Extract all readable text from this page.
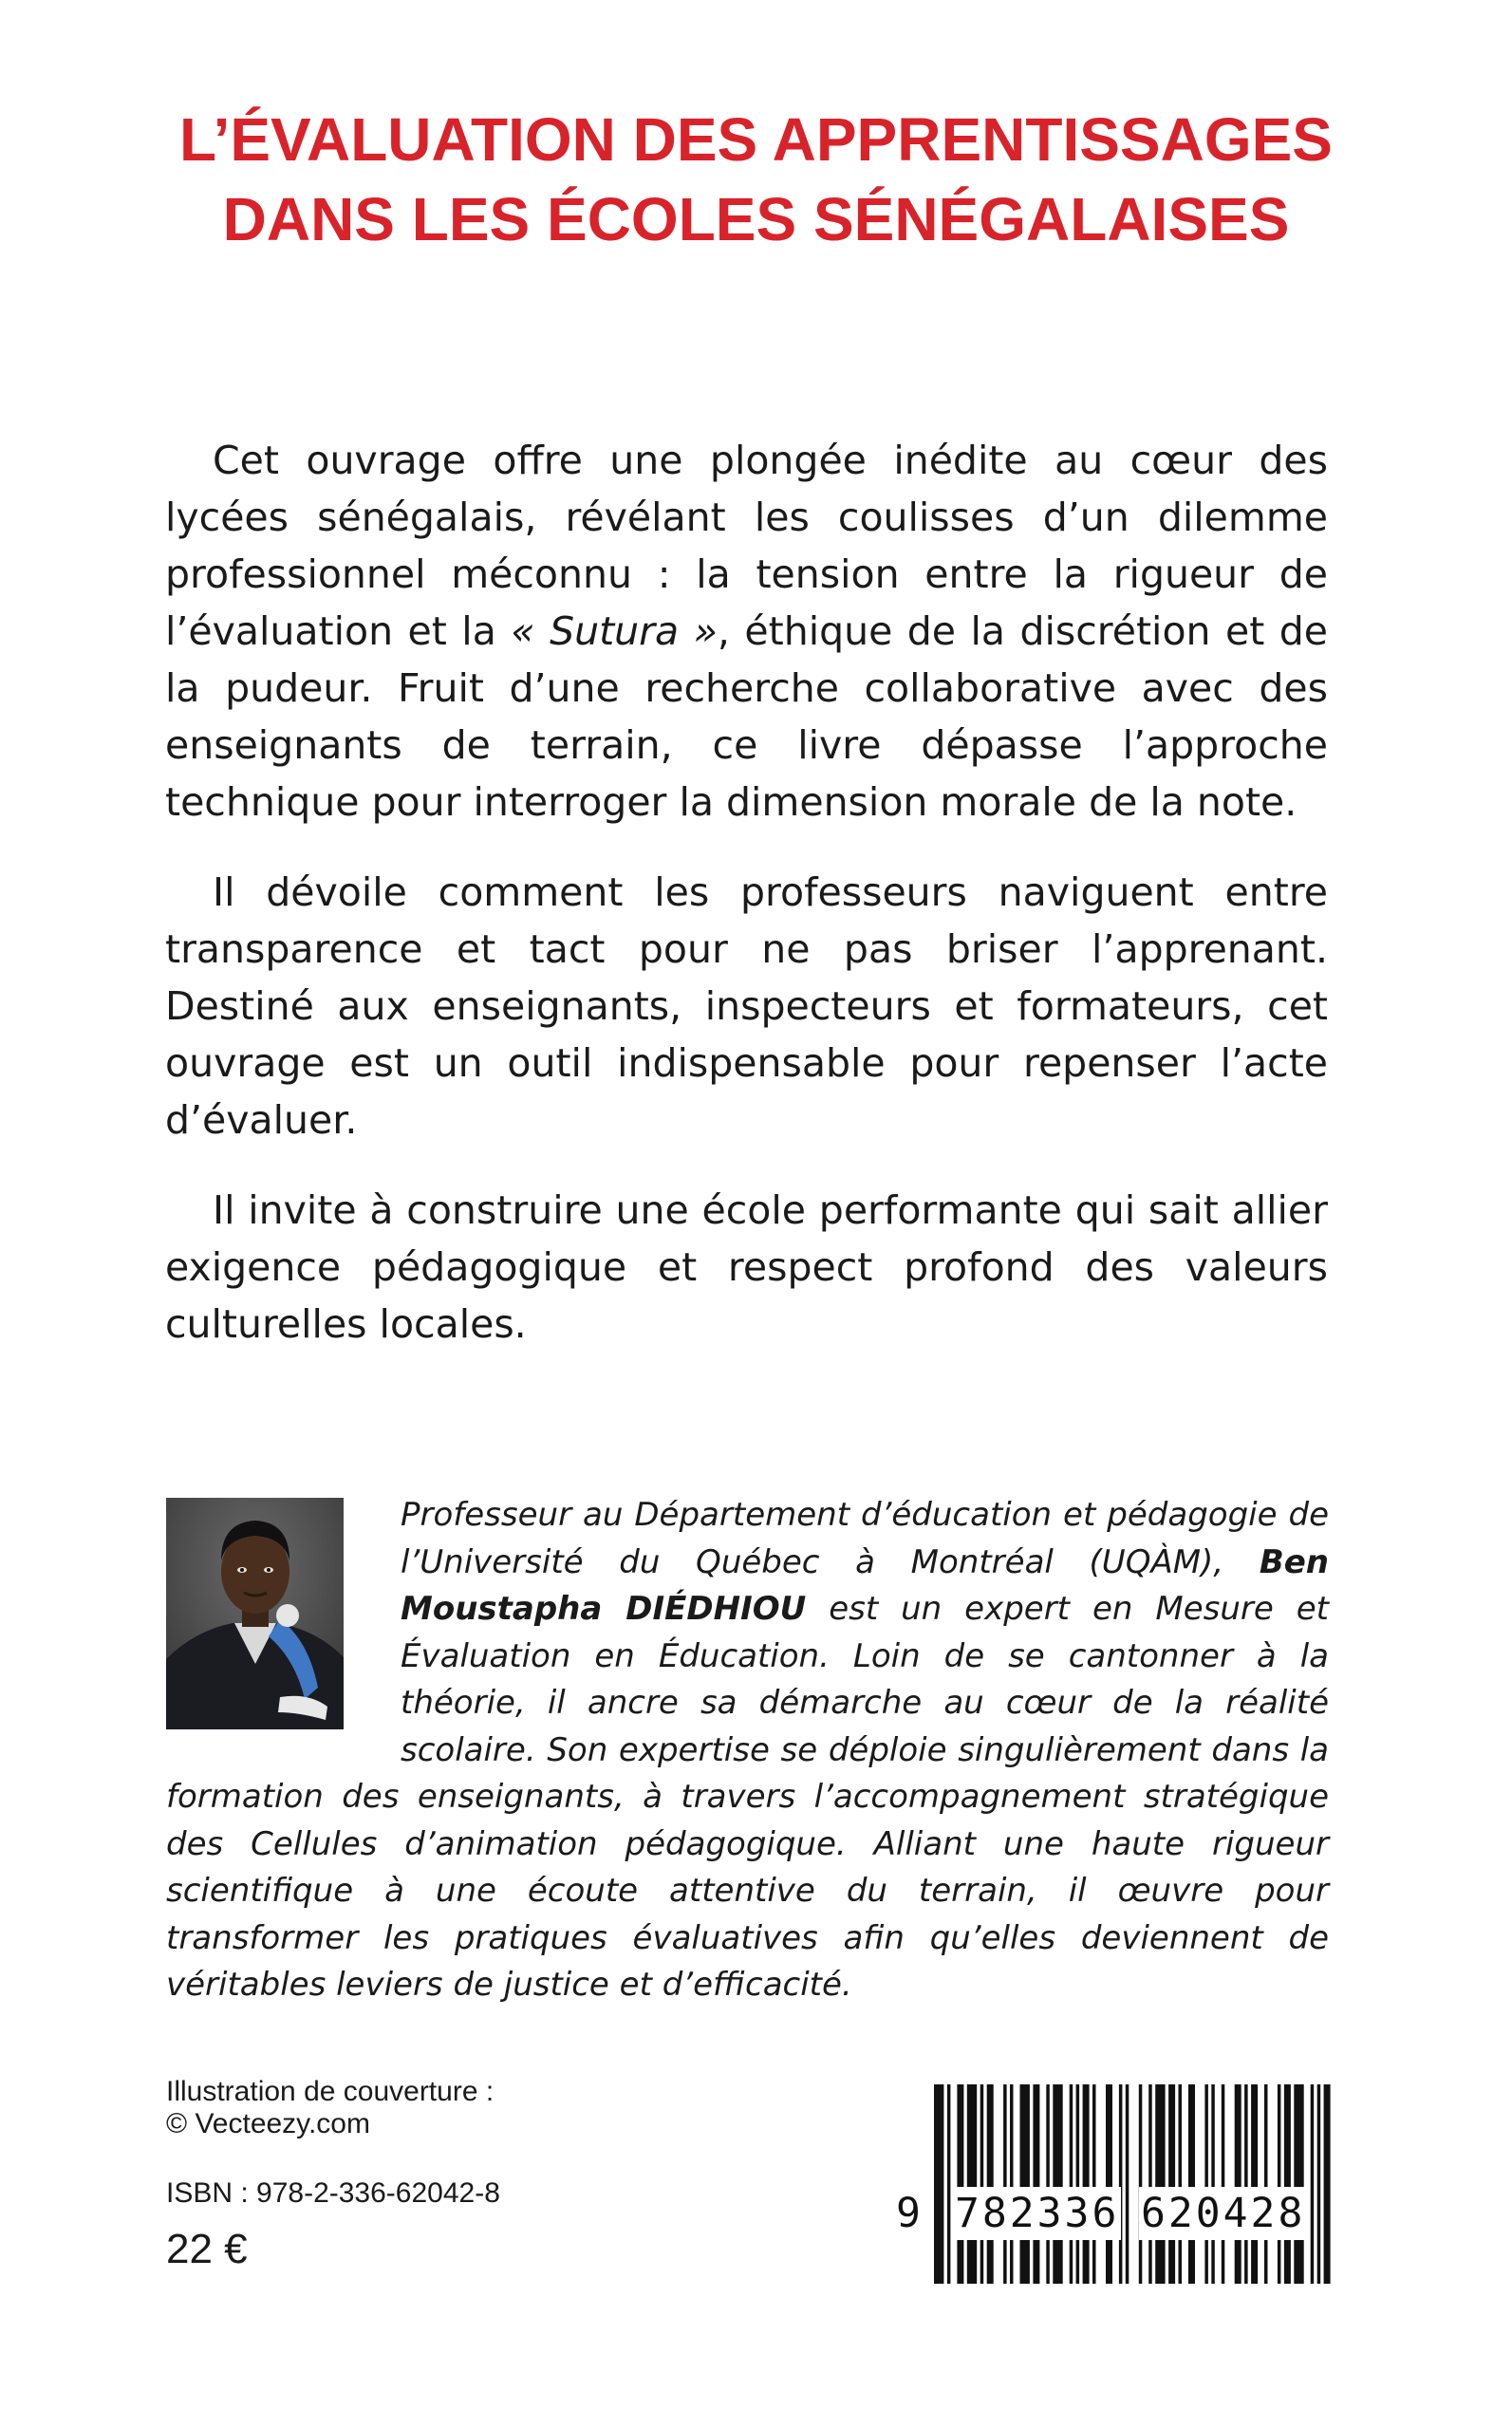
L’ÉVALUATION DES APPRENTISSAGES
DANS LES ÉCOLES SÉNÉGALAISES

Cet ouvrage offre une plongée inédite au cœur des lycées sénégalais, révélant les coulisses d’un dilemme professionnel méconnu : la tension entre la rigueur de l’évaluation et la « Sutura », éthique de la discrétion et de la pudeur. Fruit d’une recherche collaborative avec des enseignants de terrain, ce livre dépasse l’approche technique pour interroger la dimension morale de la note.

Il dévoile comment les professeurs naviguent entre transparence et tact pour ne pas briser l’apprenant. Destiné aux enseignants, inspecteurs et formateurs, cet ouvrage est un outil indispensable pour repenser l’acte d’évaluer.

Il invite à construire une école performante qui sait allier exigence pédagogique et respect profond des valeurs culturelles locales.

Professeur au Département d’éducation et pédagogie de l’Université du Québec à Montréal (UQÀM), Ben Moustapha DIÉDHIOU est un expert en Mesure et Évaluation en Éducation. Loin de se cantonner à la théorie, il ancre sa démarche au cœur de la réalité scolaire. Son expertise se déploie singulièrement dans la formation des enseignants, à travers l’accompagnement stratégique des Cellules d’animation pédagogique. Alliant une haute rigueur scientifique à une écoute attentive du terrain, il œuvre pour transformer les pratiques évaluatives afin qu’elles deviennent de véritables leviers de justice et d’efficacité.
Illustration de couverture :
© Vecteezy.com
ISBN : 978-2-336-62042-8
22 €
9 782336 620428
